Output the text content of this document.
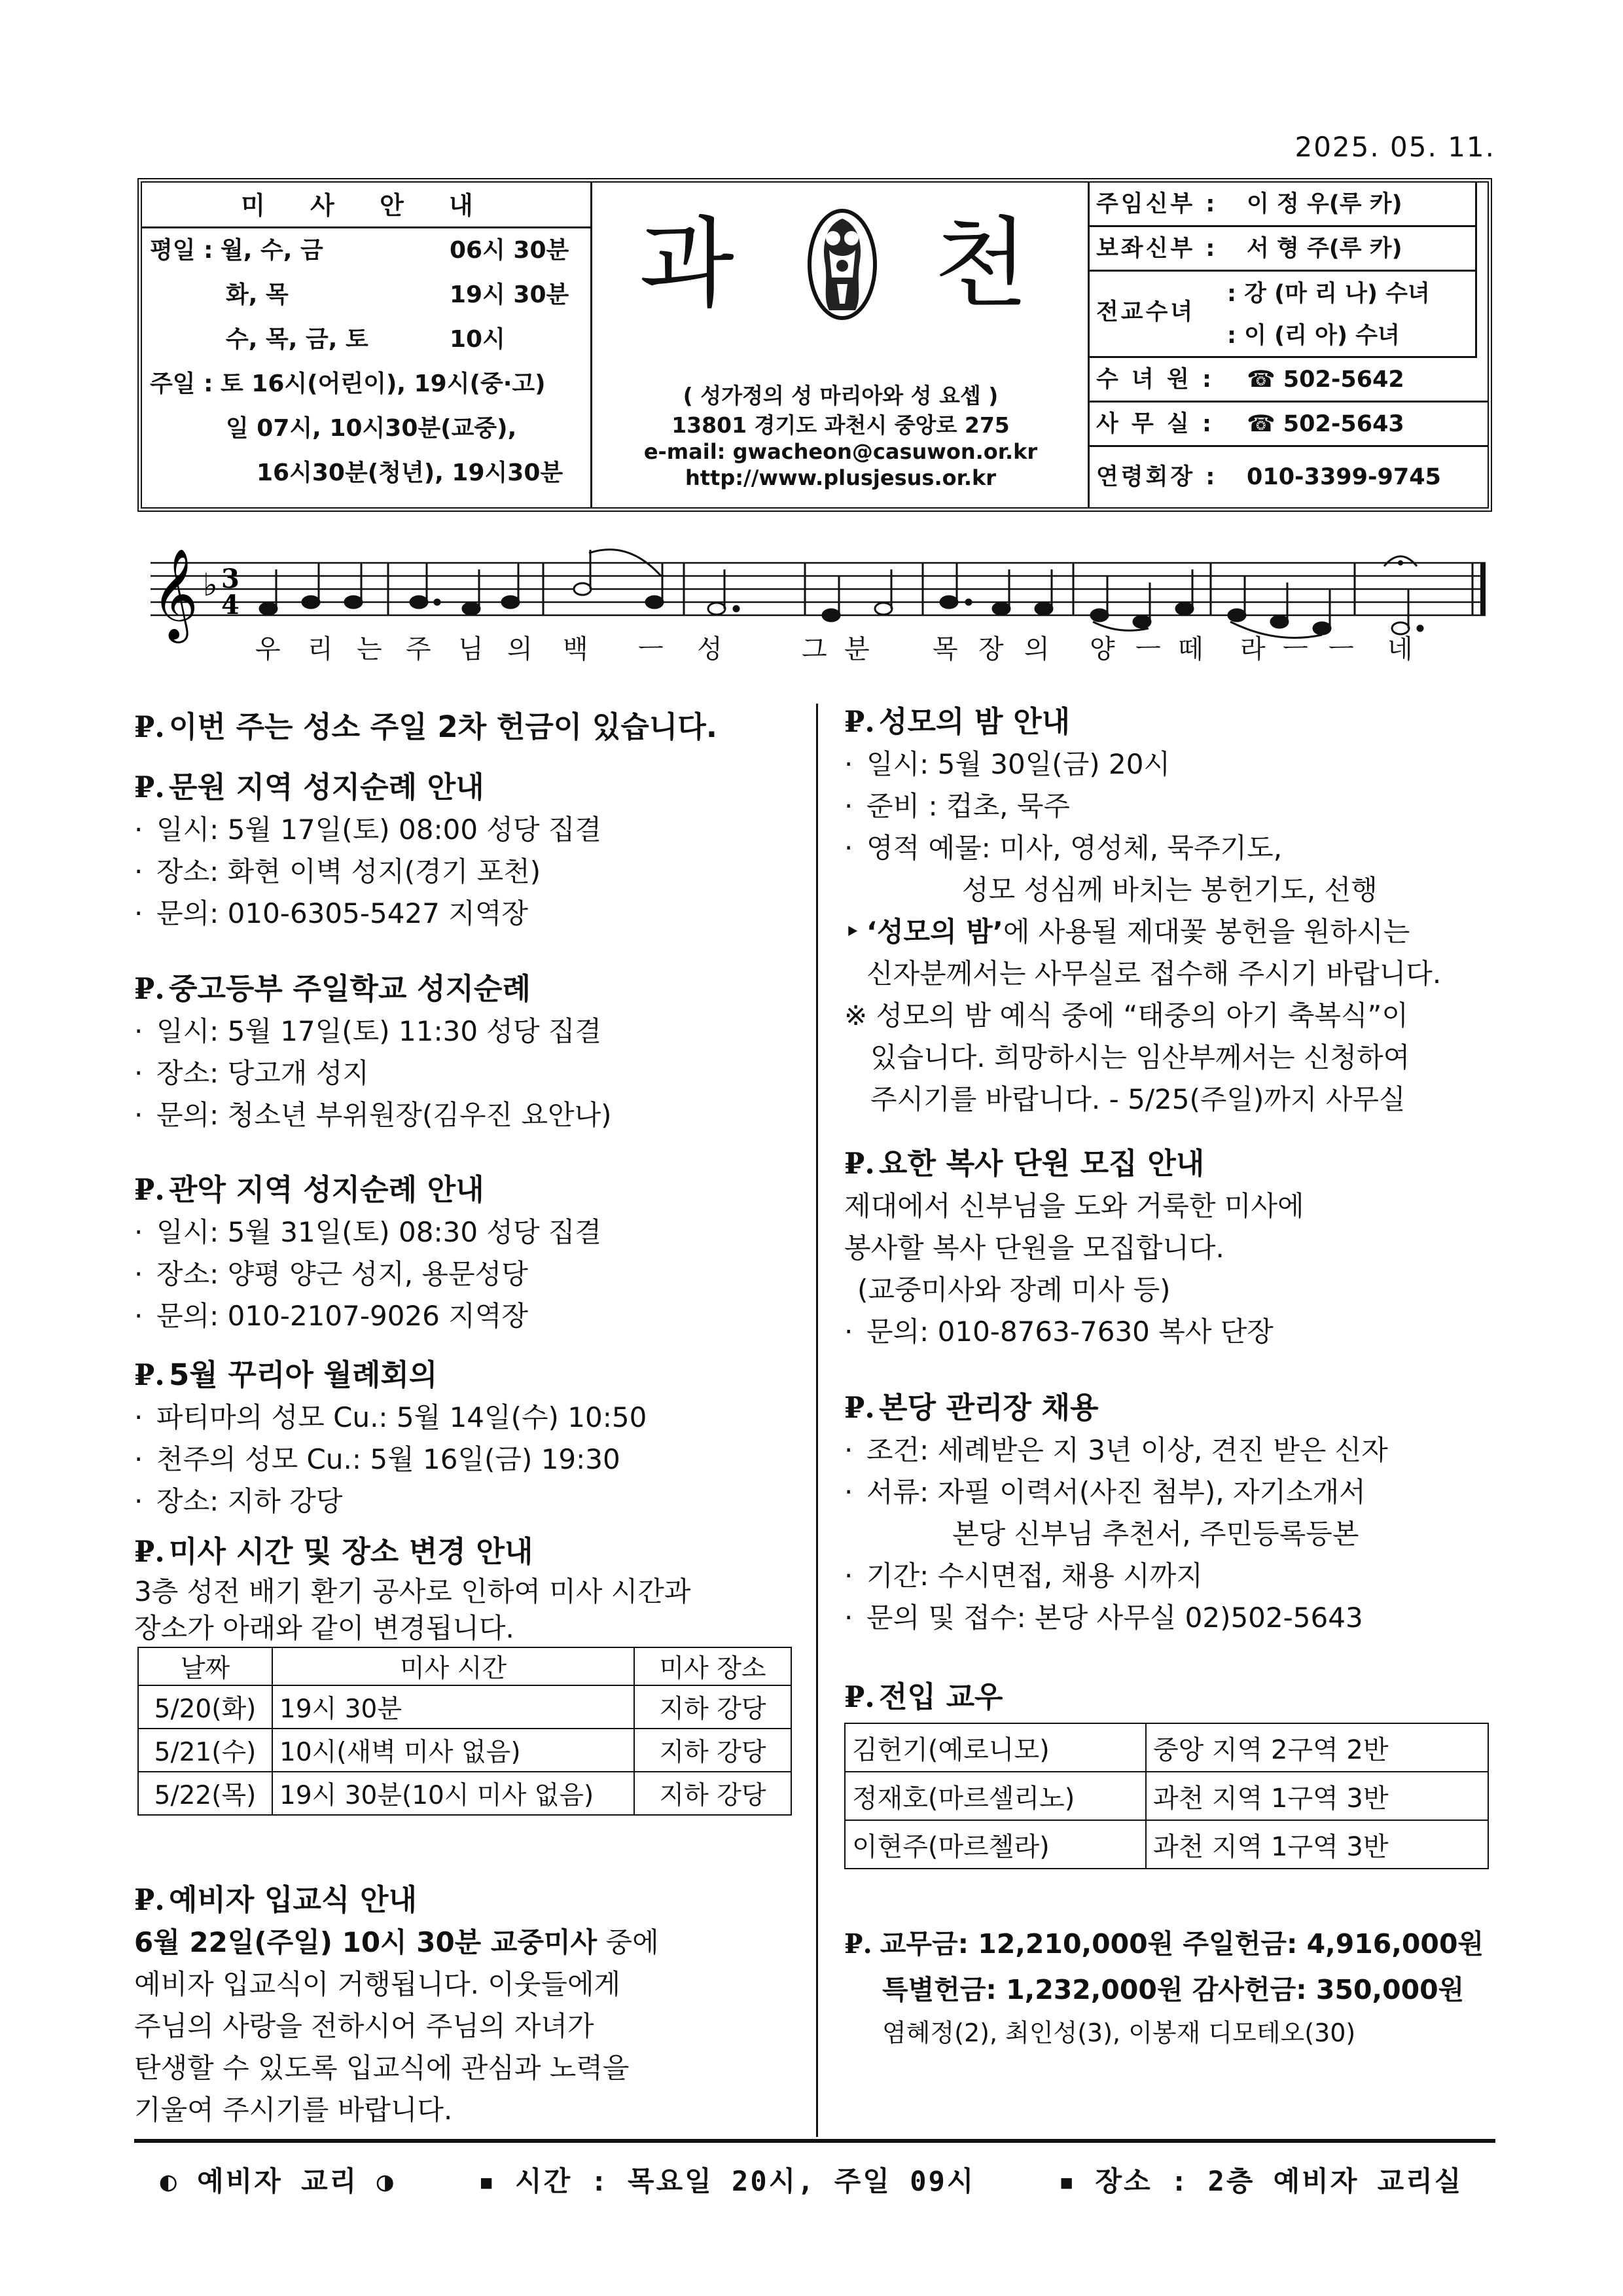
2025. 05. 11.
미 사 안 내
평일 : 월, 수, 금	06시 30분
화, 목	19시 30분
수, 목, 금, 토	10시
주일 : 토 16시(어린이), 19시(중·고)
일 07시, 10시30분(교중),
16시30분(청년), 19시30분
과 천
( 성가정의 성 마리아와 성 요셉 )
13801 경기도 과천시 중앙로 275
e-mail: gwacheon@casuwon.or.kr
http://www.plusjesus.or.kr
주임신부 : 이 정 우(루 카)
보좌신부 : 서 형 주(루 카)
전교수녀
: 강 (마 리 나) 수녀
: 이 (리 아) 수녀
수 녀 원 : ☎ 502-5642
사 무 실 : ☎ 502-5643
연령회장 : 010-3399-9745
𝄞 ♭ 3
4
우 리 는 주 님 의 백 ㅡ 성	그 분 목 장 의 양 ㅡ 떼 라 ㅡ ㅡ 네
₽. 이번 주는 성소 주일 2차 헌금이 있습니다.
₽. 문원 지역 성지순례 안내
· 일시: 5월 17일(토) 08:00 성당 집결
· 장소: 화현 이벽 성지(경기 포천)
· 문의: 010-6305-5427 지역장
₽. 중고등부 주일학교 성지순례
· 일시: 5월 17일(토) 11:30 성당 집결
· 장소: 당고개 성지
· 문의: 청소년 부위원장(김우진 요안나)
₽. 관악 지역 성지순례 안내
· 일시: 5월 31일(토) 08:30 성당 집결
· 장소: 양평 양근 성지, 용문성당
· 문의: 010-2107-9026 지역장
₽. 5월 꾸리아 월례회의
· 파티마의 성모 Cu.: 5월 14일(수) 10:50
· 천주의 성모 Cu.: 5월 16일(금) 19:30
· 장소: 지하 강당
₽. 미사 시간 및 장소 변경 안내
3층 성전 배기 환기 공사로 인하여 미사 시간과
장소가 아래와 같이 변경됩니다.
날짜	미사 시간	미사 장소
5/20(화)	19시 30분	지하 강당
5/21(수)	10시(새벽 미사 없음)	지하 강당
5/22(목)	19시 30분(10시 미사 없음)	지하 강당
₽. 예비자 입교식 안내
6월 22일(주일) 10시 30분 교중미사 중에
예비자 입교식이 거행됩니다. 이웃들에게
주님의 사랑을 전하시어 주님의 자녀가
탄생할 수 있도록 입교식에 관심과 노력을
기울여 주시기를 바랍니다.
₽. 성모의 밤 안내
· 일시: 5월 30일(금) 20시
· 준비 : 컵초, 묵주
· 영적 예물: 미사, 영성체, 묵주기도,
성모 성심께 바치는 봉헌기도, 선행
‣ ‘성모의 밤’에 사용될 제대꽃 봉헌을 원하시는
신자분께서는 사무실로 접수해 주시기 바랍니다.
※ 성모의 밤 예식 중에 “태중의 아기 축복식”이
있습니다. 희망하시는 임산부께서는 신청하여
주시기를 바랍니다. - 5/25(주일)까지 사무실
₽. 요한 복사 단원 모집 안내
제대에서 신부님을 도와 거룩한 미사에
봉사할 복사 단원을 모집합니다.
(교중미사와 장례 미사 등)
· 문의: 010-8763-7630 복사 단장
₽. 본당 관리장 채용
· 조건: 세례받은 지 3년 이상, 견진 받은 신자
· 서류: 자필 이력서(사진 첨부), 자기소개서
본당 신부님 추천서, 주민등록등본
· 기간: 수시면접, 채용 시까지
· 문의 및 접수: 본당 사무실 02)502-5643
₽. 전입 교우
김헌기(예로니모)	중앙 지역 2구역 2반
정재호(마르셀리노)	과천 지역 1구역 3반
이현주(마르첼라)	과천 지역 1구역 3반
₽. 교무금: 12,210,000원 주일헌금: 4,916,000원
특별헌금: 1,232,000원 감사헌금: 350,000원
염혜정(2), 최인성(3), 이봉재 디모테오(30)
◐ 예비자 교리 ◑	▪ 시간 : 목요일 20시, 주일 09시	▪ 장소 : 2층 예비자 교리실
